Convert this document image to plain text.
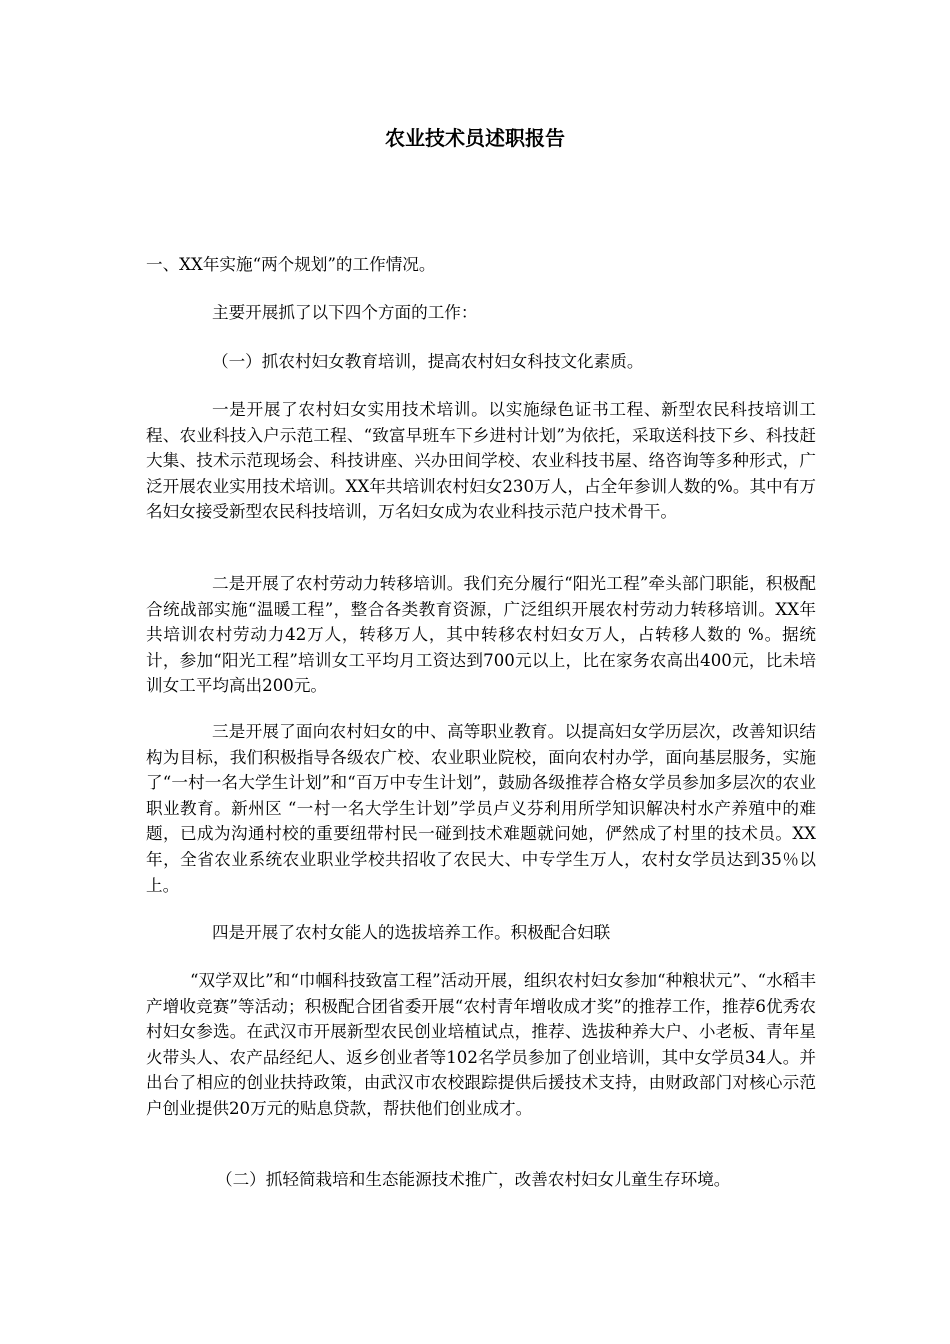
农业技术员述职报告

一、XX年实施“两个规划”的工作情况。

主要开展抓了以下四个方面的工作：

（一）抓农村妇女教育培训，提高农村妇女科技文化素质。

一是开展了农村妇女实用技术培训。以实施绿色证书工程、新型农民科技培训工程、农业科技入户示范工程、“致富早班车下乡进村计划”为依托，采取送科技下乡、科技赶大集、技术示范现场会、科技讲座、兴办田间学校、农业科技书屋、络咨询等多种形式，广泛开展农业实用技术培训。XX年共培训农村妇女230万人，占全年参训人数的%。其中有万名妇女接受新型农民科技培训，万名妇女成为农业科技示范户技术骨干。

二是开展了农村劳动力转移培训。我们充分履行“阳光工程”牵头部门职能，积极配合统战部实施“温暖工程”，整合各类教育资源，广泛组织开展农村劳动力转移培训。XX年共培训农村劳动力42万人，转移万人，其中转移农村妇女万人，占转移人数的 %。据统计，参加“阳光工程”培训女工平均月工资达到700元以上，比在家务农高出400元，比未培训女工平均高出200元。

三是开展了面向农村妇女的中、高等职业教育。以提高妇女学历层次，改善知识结构为目标，我们积极指导各级农广校、农业职业院校，面向农村办学，面向基层服务，实施了“一村一名大学生计划”和“百万中专生计划”，鼓励各级推荐合格女学员参加多层次的农业职业教育。新州区 “一村一名大学生计划”学员卢义芬利用所学知识解决村水产养殖中的难题，已成为沟通村校的重要纽带村民一碰到技术难题就问她，俨然成了村里的技术员。XX年，全省农业系统农业职业学校共招收了农民大、中专学生万人，农村女学员达到35％以上。

四是开展了农村女能人的选拔培养工作。积极配合妇联

“双学双比”和“巾帼科技致富工程”活动开展，组织农村妇女参加“种粮状元”、“水稻丰产增收竞赛”等活动；积极配合团省委开展“农村青年增收成才奖”的推荐工作，推荐6优秀农村妇女参选。在武汉市开展新型农民创业培植试点，推荐、选拔种养大户、小老板、青年星火带头人、农产品经纪人、返乡创业者等102名学员参加了创业培训，其中女学员34人。并出台了相应的创业扶持政策，由武汉市农校跟踪提供后援技术支持，由财政部门对核心示范户创业提供20万元的贴息贷款，帮扶他们创业成才。

（二）抓轻简栽培和生态能源技术推广，改善农村妇女儿童生存环境。
